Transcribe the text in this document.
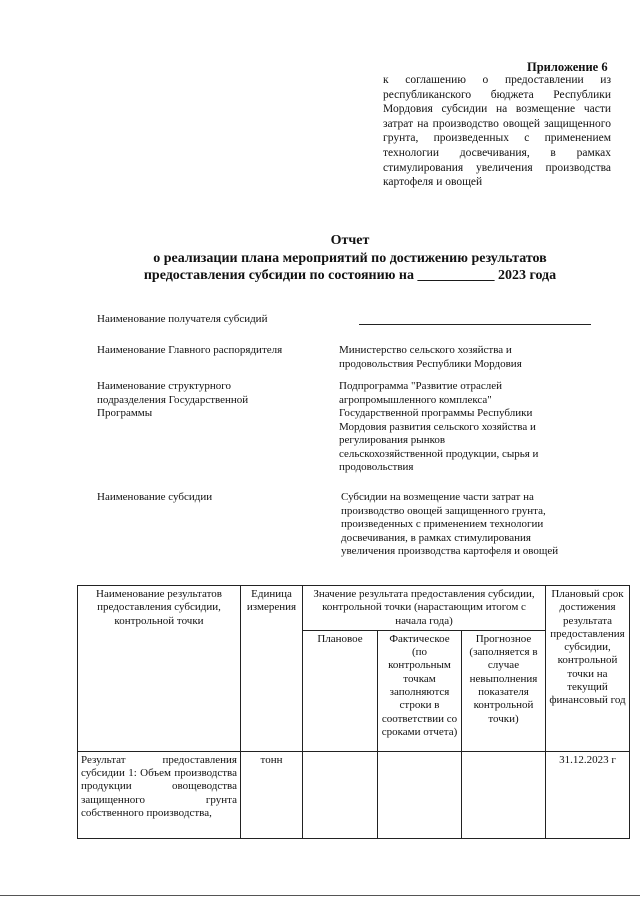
Приложение 6
к соглашению о предоставлении из республиканского бюджета Республики Мордовия субсидии на возмещение части затрат на производство овощей защищенного грунта, произведенных с применением технологии досвечивания, в рамках стимулирования увеличения производства картофеля и овощей
Отчет
о реализации плана мероприятий по достижению результатов
предоставления субсидии по состоянию на ___________ 2023 года
Наименование получателя субсидий
Наименование Главного распорядителя	Министерство сельского хозяйства и продовольствия Республики Мордовия
Наименование структурного подразделения Государственной Программы
Подпрограмма "Развитие отраслей агропромышленного комплекса" Государственной программы Республики Мордовия развития сельского хозяйства и регулирования рынков сельскохозяйственной продукции, сырья и продовольствия
Наименование субсидии	Субсидии на возмещение части затрат на производство овощей защищенного грунта, произведенных с применением технологии досвечивания, в рамках стимулирования увеличения производства картофеля и овощей
Наименование результатов предоставления субсидии, контрольной точки	Единица измерения	Значение результата предоставления субсидии, контрольной точки (нарастающим итогом с начала года)			Плановый срок достижения результата предоставления субсидии, контрольной точки на текущий финансовый год
		Плановое	Фактическое (по контрольным точкам заполняются строки в соответствии со сроками отчета)	Прогнозное (заполняется в случае невыполнения показателя контрольной точки)	
Результат предоставления субсидии 1: Объем производства продукции овощеводства защищенного грунта собственного производства,	тонн				31.12.2023 г
